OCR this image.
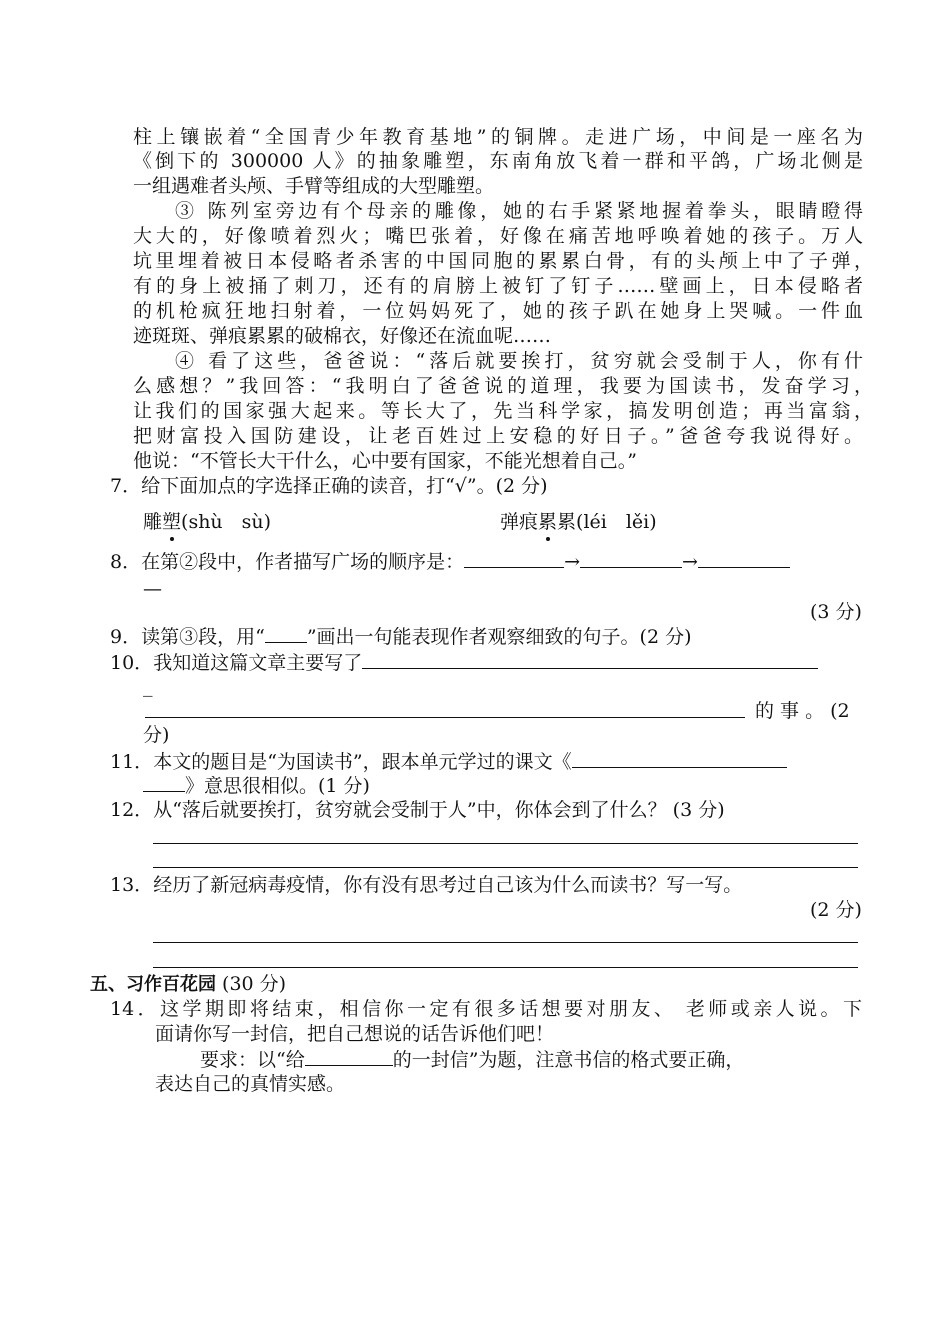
柱上镶嵌着“全国青少年教育基地”的铜牌。走进广场，中间是一座名为
《倒下的 300000 人》的抽象雕塑，东南角放飞着一群和平鸽，广场北侧是
一组遇难者头颅、手臂等组成的大型雕塑。
③ 陈列室旁边有个母亲的雕像，她的右手紧紧地握着拳头，眼睛瞪得
大大的，好像喷着烈火；嘴巴张着，好像在痛苦地呼唤着她的孩子。万人
坑里埋着被日本侵略者杀害的中国同胞的累累白骨，有的头颅上中了子弹，
有的身上被捅了刺刀，还有的肩膀上被钉了钉子……壁画上，日本侵略者
的机枪疯狂地扫射着，一位妈妈死了，她的孩子趴在她身上哭喊。一件血
迹斑斑、弹痕累累的破棉衣，好像还在流血呢……
④ 看了这些，爸爸说：“落后就要挨打，贫穷就会受制于人，你有什
么感想？”我回答：“我明白了爸爸说的道理，我要为国读书，发奋学习，
让我们的国家强大起来。等长大了，先当科学家，搞发明创造；再当富翁，
把财富投入国防建设，让老百姓过上安稳的好日子。”爸爸夸我说得好。
他说：“不管长大干什么，心中要有国家，不能光想着自己。”
7．给下面加点的字选择正确的读音，打“√”。(2 分)
雕塑(shù　sù)	弹痕累累(léi　lěi)
8．在第②段中，作者描写广场的顺序是：	→	→
—
(3 分)
9．读第③段，用“ ”画出一句能表现作者观察细致的句子。(2 分)
10．我知道这篇文章主要写了
_
的 事 。 (2
分)
11．本文的题目是“为国读书”，跟本单元学过的课文《
》意思很相似。(1 分)
12．从“落后就要挨打，贫穷就会受制于人”中，你体会到了什么？ (3 分)
13．经历了新冠病毒疫情，你有没有思考过自己该为什么而读书？写一写。
(2 分)
五、习作百花园 (30 分)
14．这学期即将结束，相信你一定有很多话想要对朋友、 老师或亲人说。下
面请你写一封信，把自己想说的话告诉他们吧！
要求：以“给	的一封信”为题，注意书信的格式要正确，
表达自己的真情实感。
